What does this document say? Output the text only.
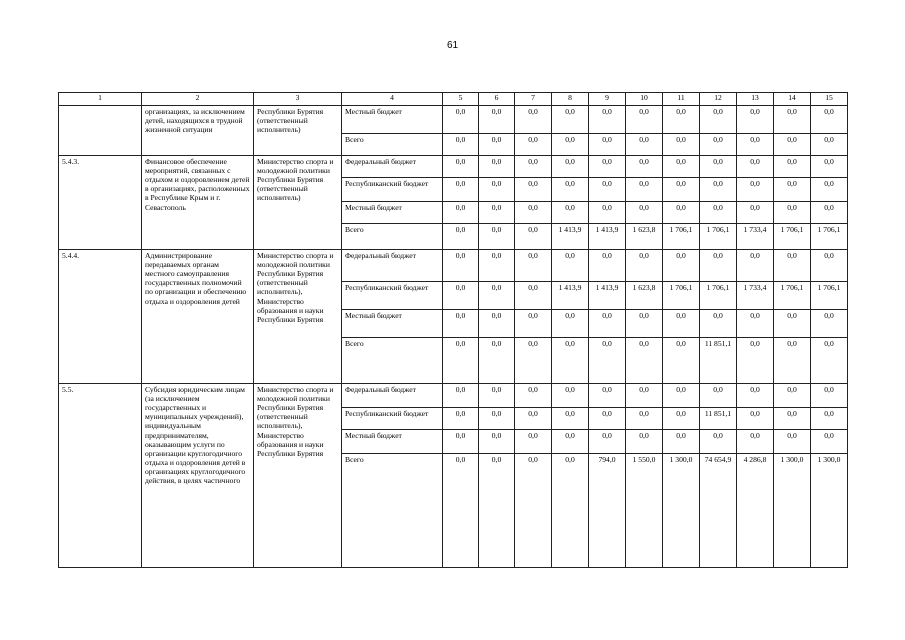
61
1	2	3	4	5	6	7	8	9	10	11	12	13	14	15
	организациях, за исключением детей, находящихся в трудной жизненной ситуации	Республики Бурятия (ответственный исполнитель)	Местный бюджет	0,0	0,0	0,0	0,0	0,0	0,0	0,0	0,0	0,0	0,0	0,0
			Всего	0,0	0,0	0,0	0,0	0,0	0,0	0,0	0,0	0,0	0,0	0,0
5.4.3.	Финансовое обеспечение мероприятий, связанных с отдыхом и оздоровлением детей в организациях, расположенных в Республике Крым и г. Севастополь	Министерство спорта и молодежной политики Республики Бурятия (ответственный исполнитель)	Федеральный бюджет	0,0	0,0	0,0	0,0	0,0	0,0	0,0	0,0	0,0	0,0	0,0
			Республиканский бюджет	0,0	0,0	0,0	0,0	0,0	0,0	0,0	0,0	0,0	0,0	0,0
			Местный бюджет	0,0	0,0	0,0	0,0	0,0	0,0	0,0	0,0	0,0	0,0	0,0
			Всего	0,0	0,0	0,0	1 413,9	1 413,9	1 623,8	1 706,1	1 706,1	1 733,4	1 706,1	1 706,1
5.4.4.	Администрирование передаваемых органам местного самоуправления государственных полномочий по организации и обеспечению отдыха и оздоровления детей	Министерство спорта и молодежной политики Республики Бурятия (ответственный исполнитель), Министерство образования и науки Республики Бурятия	Федеральный бюджет	0,0	0,0	0,0	0,0	0,0	0,0	0,0	0,0	0,0	0,0	0,0
			Республиканский бюджет	0,0	0,0	0,0	1 413,9	1 413,9	1 623,8	1 706,1	1 706,1	1 733,4	1 706,1	1 706,1
			Местный бюджет	0,0	0,0	0,0	0,0	0,0	0,0	0,0	0,0	0,0	0,0	0,0
			Всего	0,0	0,0	0,0	0,0	0,0	0,0	0,0	11 851,1	0,0	0,0	0,0
5.5.	Субсидия юридическим лицам (за исключением государственных и муниципальных учреждений), индивидуальным предпринимателям, оказывающим услуги по организации круглогодичного отдыха и оздоровления детей в организациях круглогодичного действия, в целях частичного	Министерство спорта и молодежной политики Республики Бурятия (ответственный исполнитель), Министерство образования и науки Республики Бурятия	Федеральный бюджет	0,0	0,0	0,0	0,0	0,0	0,0	0,0	0,0	0,0	0,0	0,0
			Республиканский бюджет	0,0	0,0	0,0	0,0	0,0	0,0	0,0	11 851,1	0,0	0,0	0,0
			Местный бюджет	0,0	0,0	0,0	0,0	0,0	0,0	0,0	0,0	0,0	0,0	0,0
			Всего	0,0	0,0	0,0	0,0	794,0	1 550,0	1 300,0	74 654,9	4 286,8	1 300,0	1 300,0
